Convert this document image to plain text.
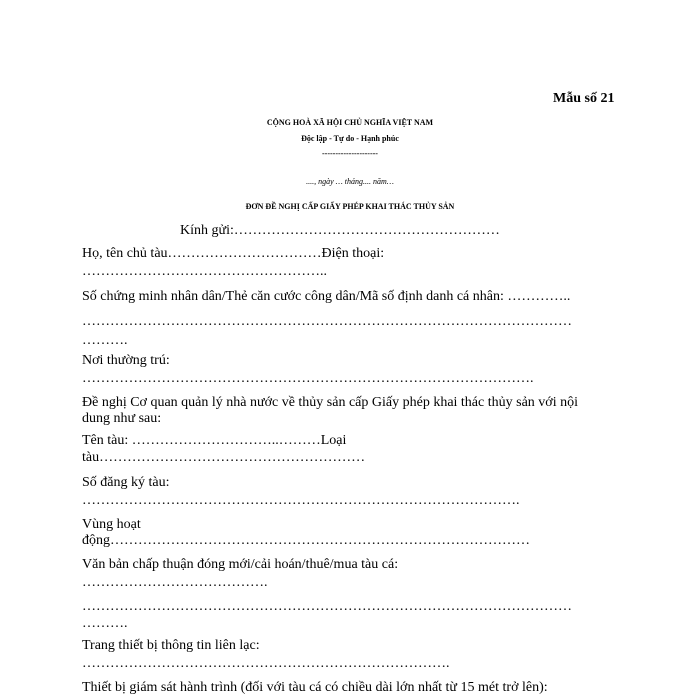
Mẫu số 21
CỘNG HOÀ XÃ HỘI CHỦ NGHĨA VIỆT NAM
Độc lập - Tự do - Hạnh phúc
---------------------
...., ngày … tháng.... năm…
ĐƠN ĐỀ NGHỊ CẤP GIẤY PHÉP KHAI THÁC THỦY SẢN
Kính gửi:…………………………………………………
Họ, tên chủ tàu……………………………Điện thoại:
……………………………………………..
Số chứng minh nhân dân/Thẻ căn cước công dân/Mã số định danh cá nhân: …………..
……………………………………………………………………………………………
……….
Nơi thường trú:
…………………………………………………………………………………….
Đề nghị Cơ quan quản lý nhà nước về thủy sản cấp Giấy phép khai thác thủy sản với nội
dung như sau:
Tên tàu: …………………………..………Loại
tàu…………………………………………………
Số đăng ký tàu:
………………………………………………………………………………….
Vùng hoạt
động………………………………………………………………………………
Văn bản chấp thuận đóng mới/cải hoán/thuê/mua tàu cá:
………………………………….
……………………………………………………………………………………………
……….
Trang thiết bị thông tin liên lạc:
…………………………………………………………………….
Thiết bị giám sát hành trình (đối với tàu cá có chiều dài lớn nhất từ 15 mét trở lên):
